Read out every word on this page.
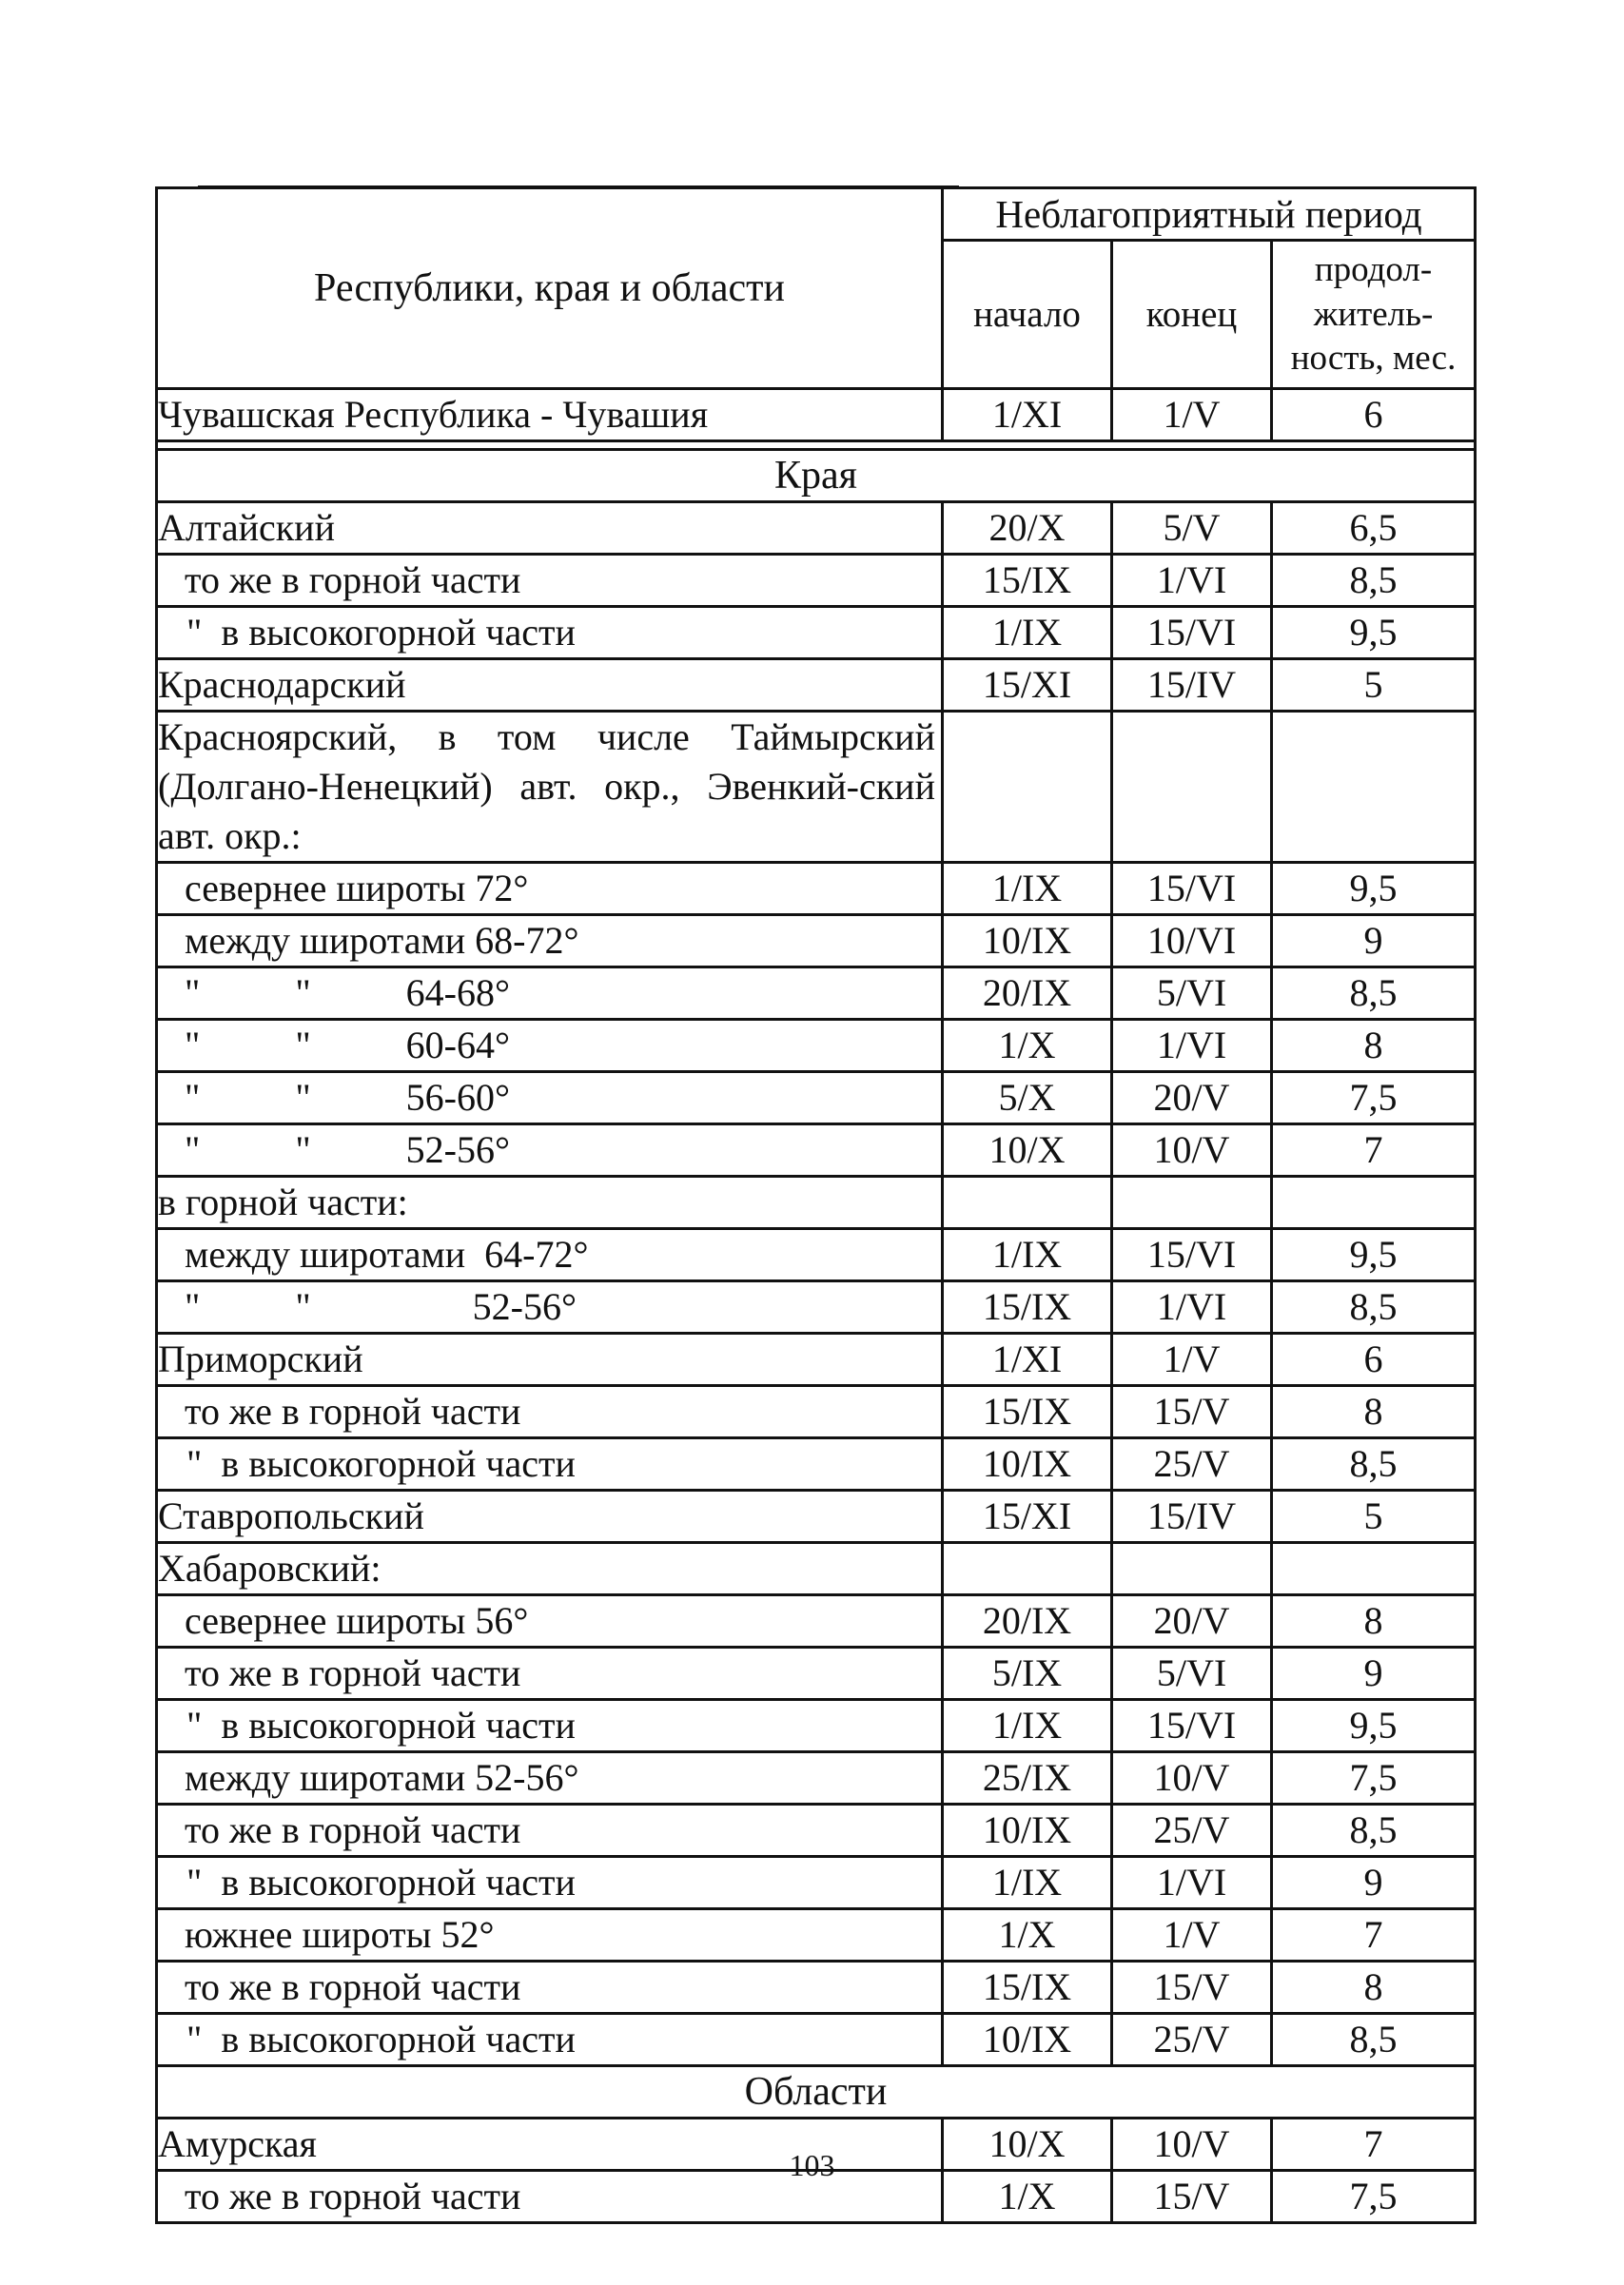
Республики, края и области	Неблагоприятный период		
	начало	конец	продол-
житель-
ность, мес.
Чувашская Республика - Чувашия	1/XI	1/V	6

Края			
Алтайский	20/X	5/V	6,5
то же в горной части	15/IX	1/VI	8,5
"  в высокогорной части	1/IX	15/VI	9,5
Краснодарский	15/XI	15/IV	5
Красноярский, в том числе Таймырский (Долгано-Ненецкий) авт. окр., Эвенкий-ский авт. окр.:			
севернее широты 72°	1/IX	15/VI	9,5
между широтами 68-72°	10/IX	10/VI	9
"          "          64-68°	20/IX	5/VI	8,5
"          "          60-64°	1/X	1/VI	8
"          "          56-60°	5/X	20/V	7,5
"          "          52-56°	10/X	10/V	7
в горной части:			
между широтами  64-72°	1/IX	15/VI	9,5
"          "                 52-56°	15/IX	1/VI	8,5
Приморский	1/XI	1/V	6
то же в горной части	15/IX	15/V	8
"  в высокогорной части	10/IX	25/V	8,5
Ставропольский	15/XI	15/IV	5
Хабаровский:			
севернее широты 56°	20/IX	20/V	8
то же в горной части	5/IX	5/VI	9
"  в высокогорной части	1/IX	15/VI	9,5
между широтами 52-56°	25/IX	10/V	7,5
то же в горной части	10/IX	25/V	8,5
"  в высокогорной части	1/IX	1/VI	9
южнее широты 52°	1/X	1/V	7
то же в горной части	15/IX	15/V	8
"  в высокогорной части	10/IX	25/V	8,5
Области			
Амурская	10/X	10/V	7
то же в горной части	1/X	15/V	7,5
103
